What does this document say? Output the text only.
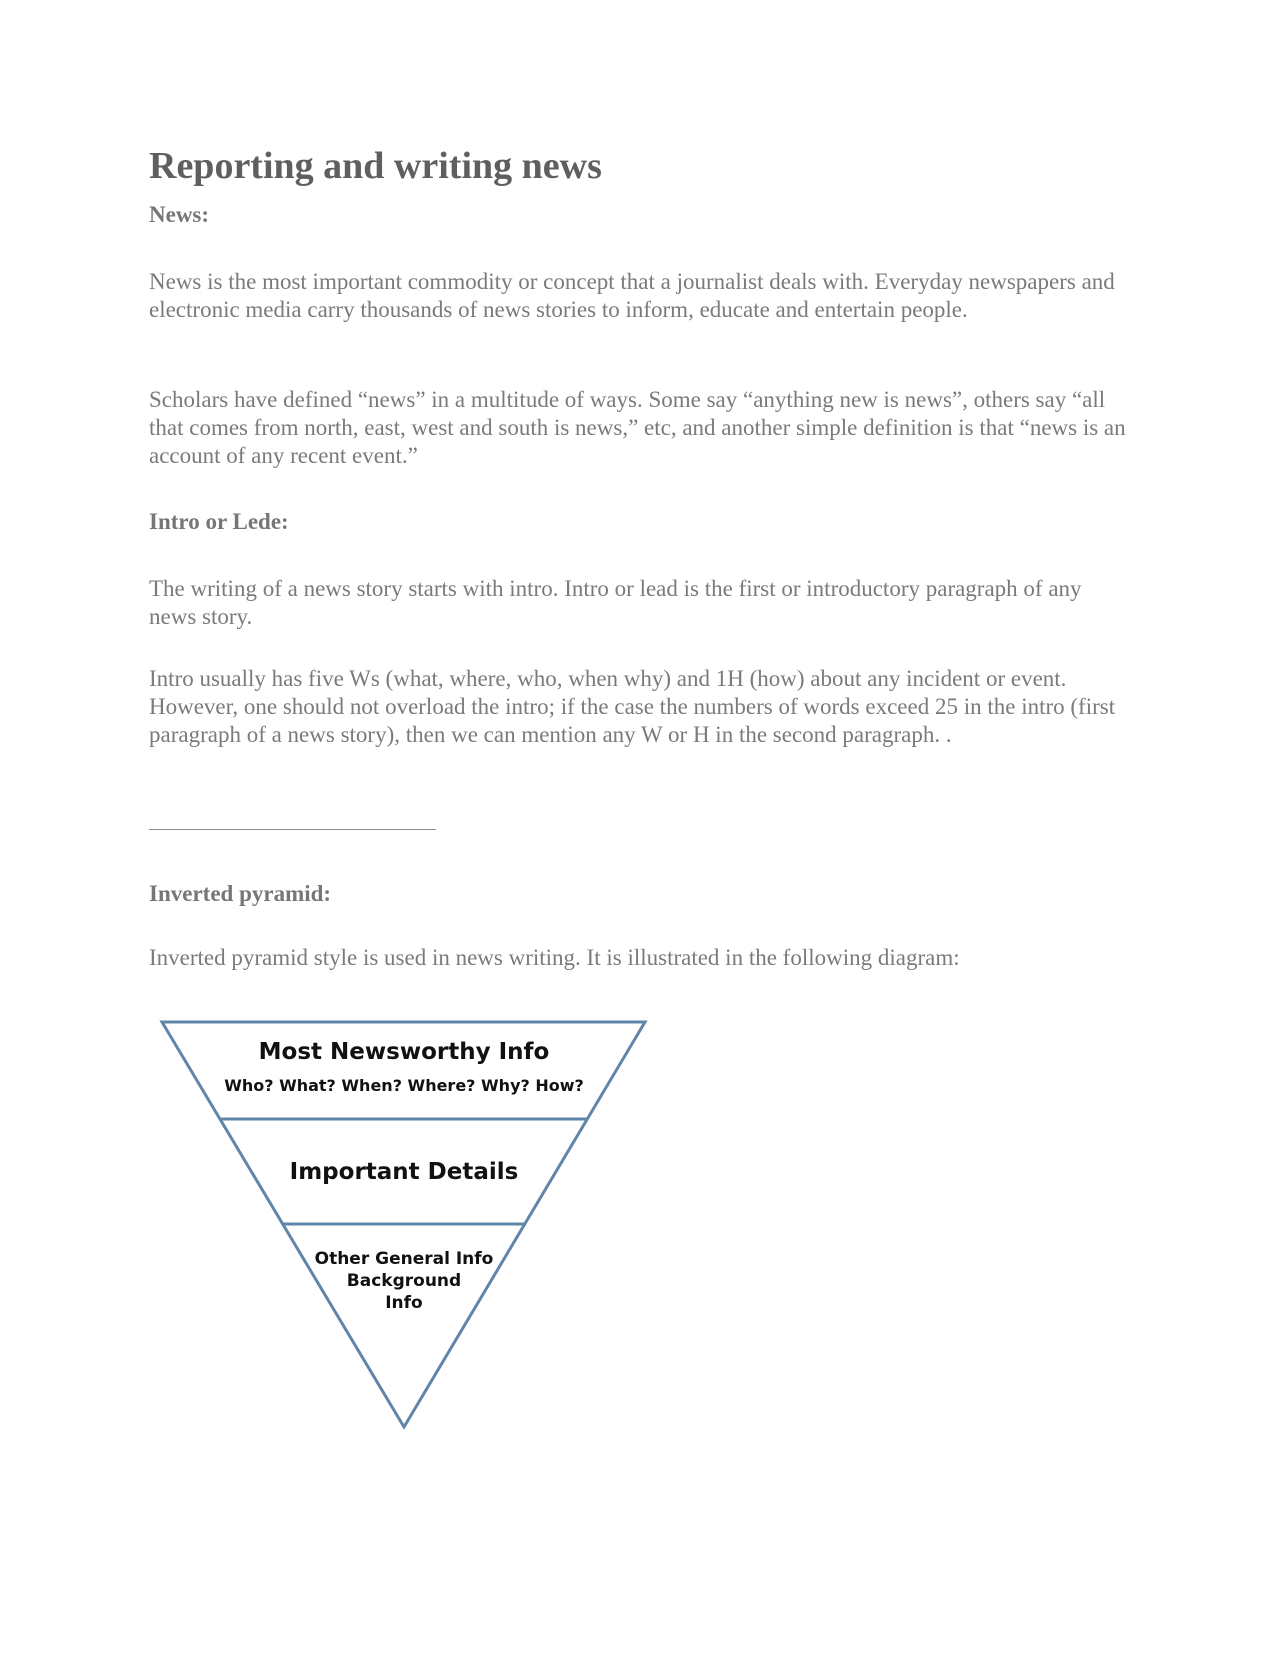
Reporting and writing news
News:

News is the most important commodity or concept that a journalist deals with. Everyday newspapers and electronic media carry thousands of news stories to inform, educate and entertain people.

Scholars have defined “news” in a multitude of ways. Some say “anything new is news”, others say “all that comes from north, east, west and south is news,” etc, and another simple definition is that “news is an account of any recent event.”

Intro or Lede:

The writing of a news story starts with intro. Intro or lead is the first or introductory paragraph of any news story.

Intro usually has five Ws (what, where, who, when why) and 1H (how) about any incident or event. However, one should not overload the intro; if the case the numbers of words exceed 25 in the intro (first paragraph of a news story), then we can mention any W or H in the second paragraph. .

Inverted pyramid:

Inverted pyramid style is used in news writing. It is illustrated in the following diagram:

Most Newsworthy Info
Who? What? When? Where? Why? How?
Important Details
Other General Info
Background
Info
